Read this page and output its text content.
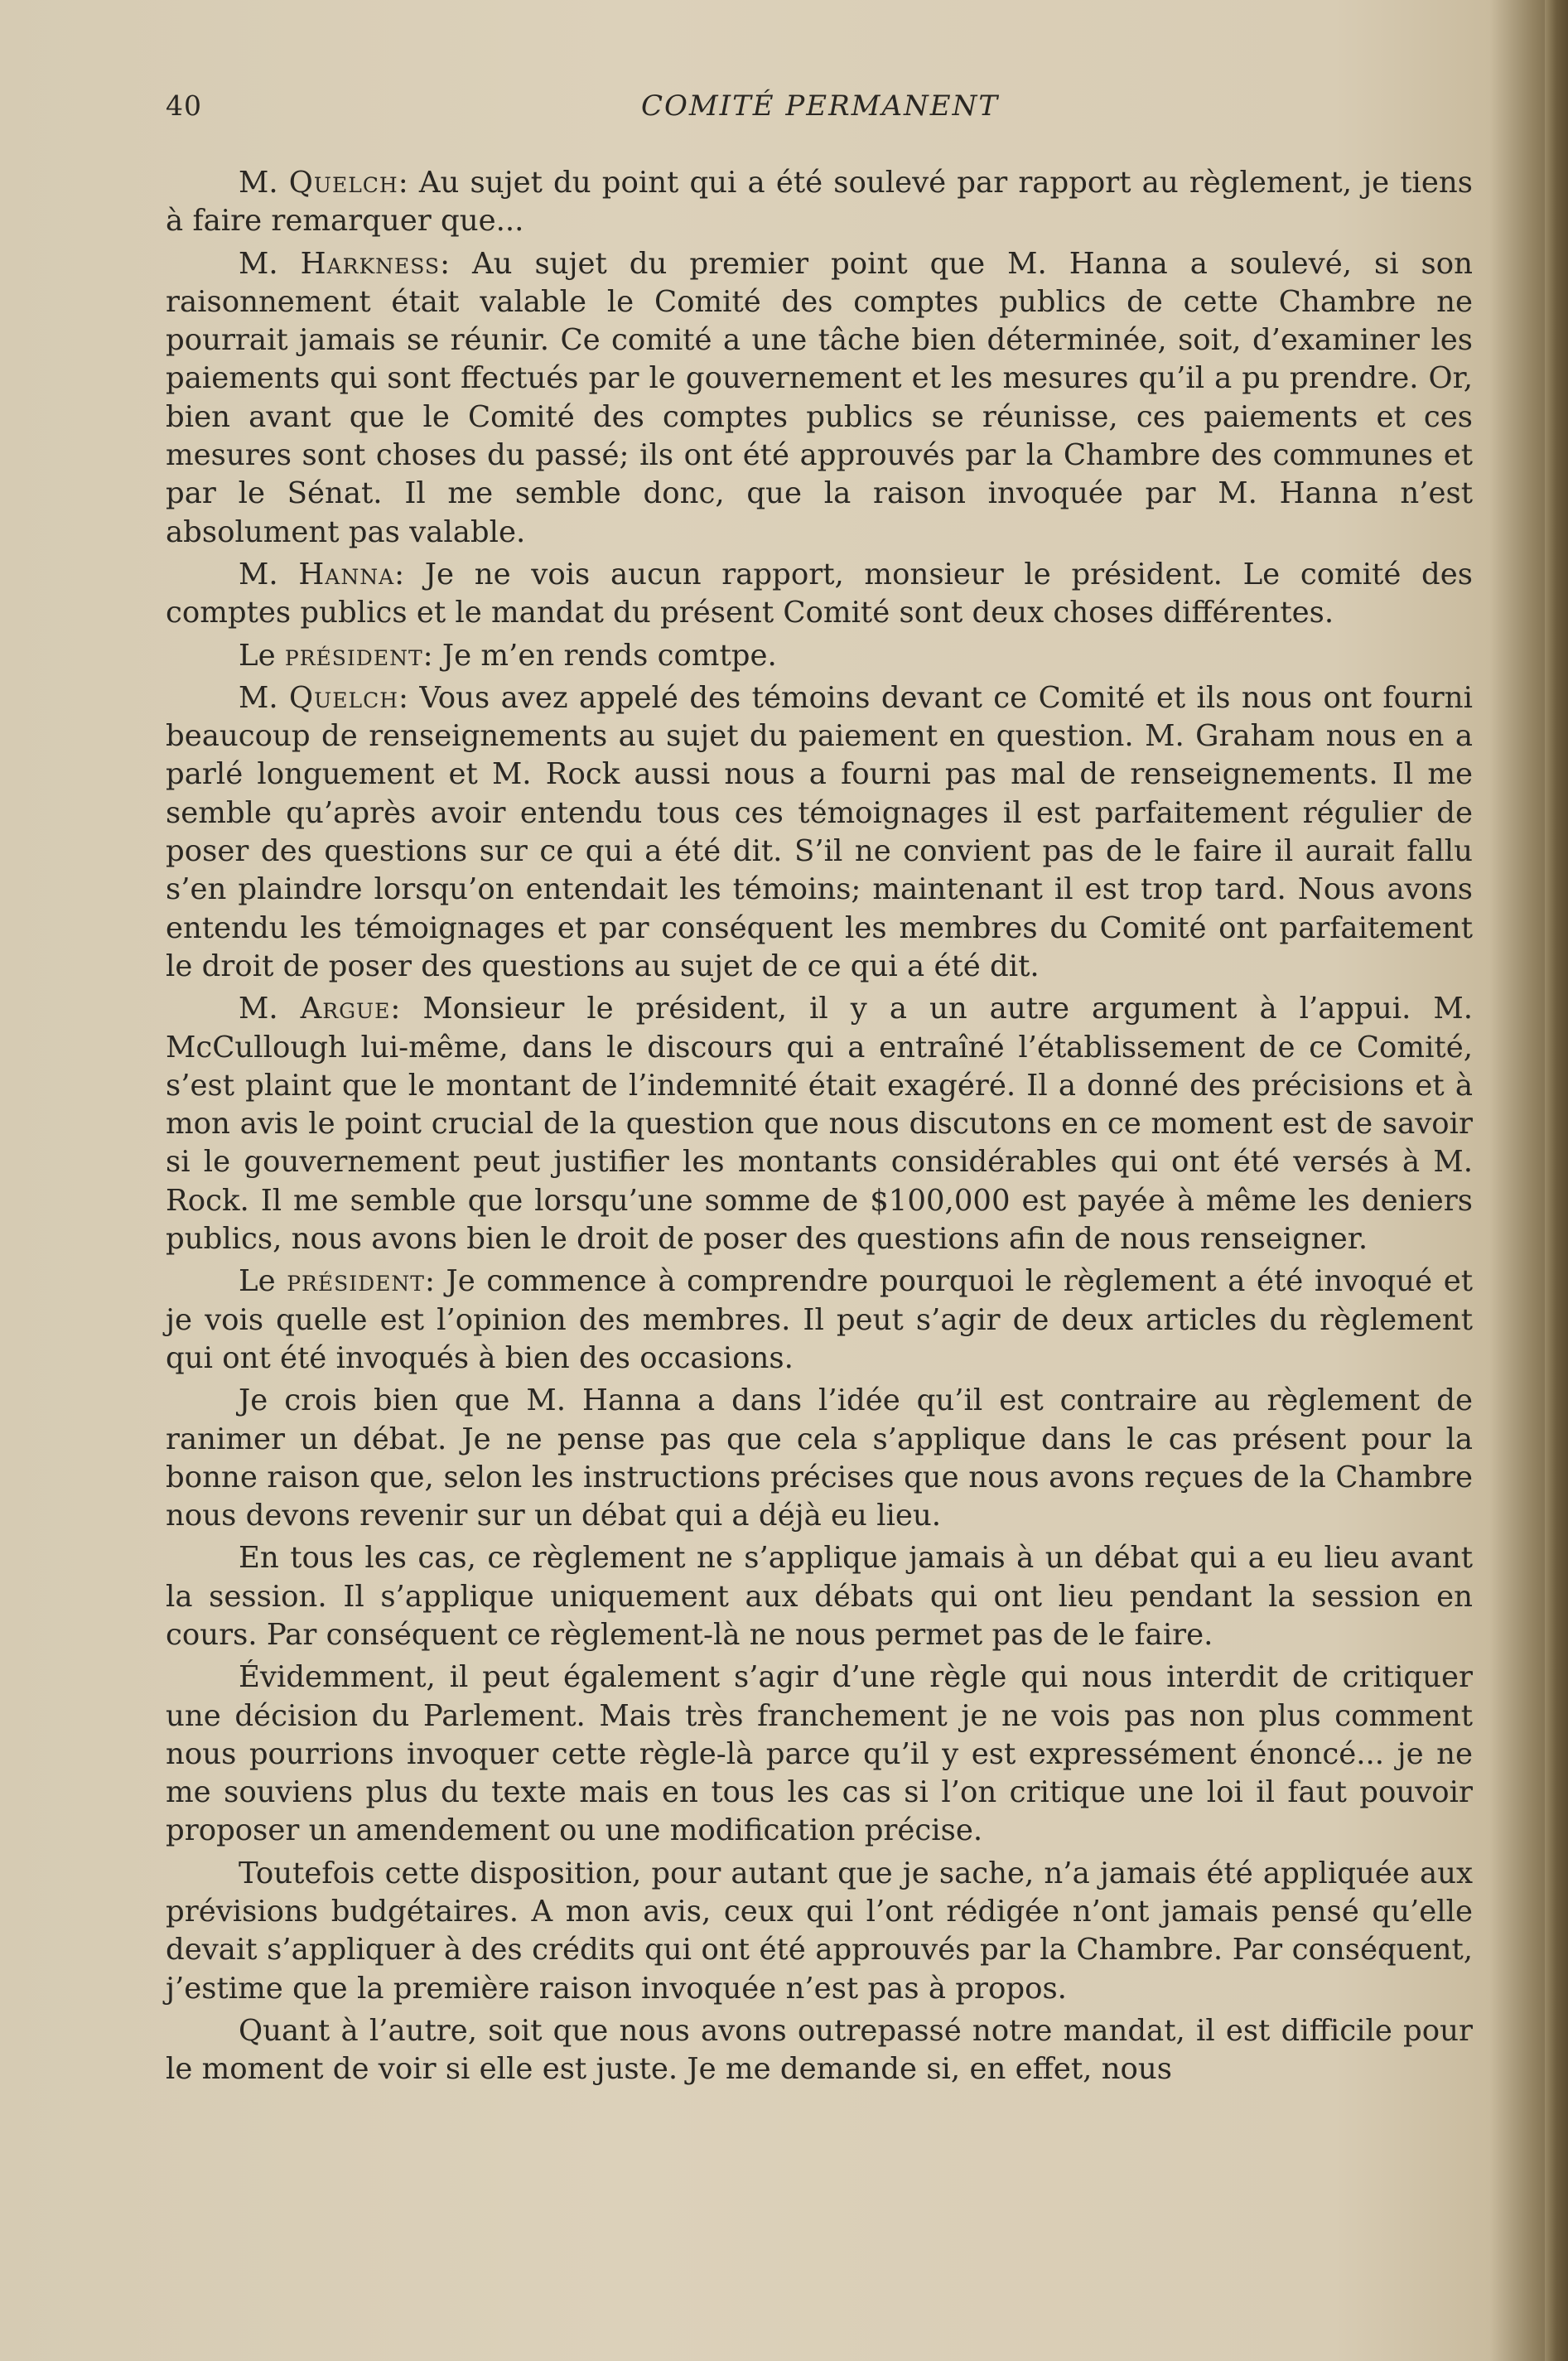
40	COMITÉ PERMANENT

M. Quelch: Au sujet du point qui a été soulevé par rapport au règlement, je tiens à faire remarquer que...

M. Harkness: Au sujet du premier point que M. Hanna a soulevé, si son raisonnement était valable le Comité des comptes publics de cette Chambre ne pourrait jamais se réunir. Ce comité a une tâche bien déterminée, soit, d’examiner les paiements qui sont ffectués par le gouvernement et les mesures qu’il a pu prendre. Or, bien avant que le Comité des comptes publics se réunisse, ces paiements et ces mesures sont choses du passé; ils ont été approuvés par la Chambre des communes et par le Sénat. Il me semble donc, que la raison invoquée par M. Hanna n’est absolument pas valable.

M. Hanna: Je ne vois aucun rapport, monsieur le président. Le comité des comptes publics et le mandat du présent Comité sont deux choses différentes.

Le président: Je m’en rends comtpe.

M. Quelch: Vous avez appelé des témoins devant ce Comité et ils nous ont fourni beaucoup de renseignements au sujet du paiement en question. M. Graham nous en a parlé longuement et M. Rock aussi nous a fourni pas mal de renseignements. Il me semble qu’après avoir entendu tous ces témoignages il est parfaitement régulier de poser des questions sur ce qui a été dit. S’il ne convient pas de le faire il aurait fallu s’en plaindre lorsqu’on entendait les témoins; maintenant il est trop tard. Nous avons entendu les témoignages et par conséquent les membres du Comité ont parfaitement le droit de poser des questions au sujet de ce qui a été dit.

M. Argue: Monsieur le président, il y a un autre argument à l’appui. M. McCullough lui-même, dans le discours qui a entraîné l’établissement de ce Comité, s’est plaint que le montant de l’indemnité était exagéré. Il a donné des précisions et à mon avis le point crucial de la question que nous discutons en ce moment est de savoir si le gouvernement peut justifier les montants considérables qui ont été versés à M. Rock. Il me semble que lorsqu’une somme de $100,000 est payée à même les deniers publics, nous avons bien le droit de poser des questions afin de nous renseigner.

Le président: Je commence à comprendre pourquoi le règlement a été invoqué et je vois quelle est l’opinion des membres. Il peut s’agir de deux articles du règlement qui ont été invoqués à bien des occasions.

Je crois bien que M. Hanna a dans l’idée qu’il est contraire au règlement de ranimer un débat. Je ne pense pas que cela s’applique dans le cas présent pour la bonne raison que, selon les instructions précises que nous avons reçues de la Chambre nous devons revenir sur un débat qui a déjà eu lieu.

En tous les cas, ce règlement ne s’applique jamais à un débat qui a eu lieu avant la session. Il s’applique uniquement aux débats qui ont lieu pendant la session en cours. Par conséquent ce règlement-là ne nous permet pas de le faire.

Évidemment, il peut également s’agir d’une règle qui nous interdit de critiquer une décision du Parlement. Mais très franchement je ne vois pas non plus comment nous pourrions invoquer cette règle-là parce qu’il y est expressément énoncé... je ne me souviens plus du texte mais en tous les cas si l’on critique une loi il faut pouvoir proposer un amendement ou une modification précise.

Toutefois cette disposition, pour autant que je sache, n’a jamais été appliquée aux prévisions budgétaires. A mon avis, ceux qui l’ont rédigée n’ont jamais pensé qu’elle devait s’appliquer à des crédits qui ont été approuvés par la Chambre. Par conséquent, j’estime que la première raison invoquée n’est pas à propos.

Quant à l’autre, soit que nous avons outrepassé notre mandat, il est difficile pour le moment de voir si elle est juste. Je me demande si, en effet, nous
